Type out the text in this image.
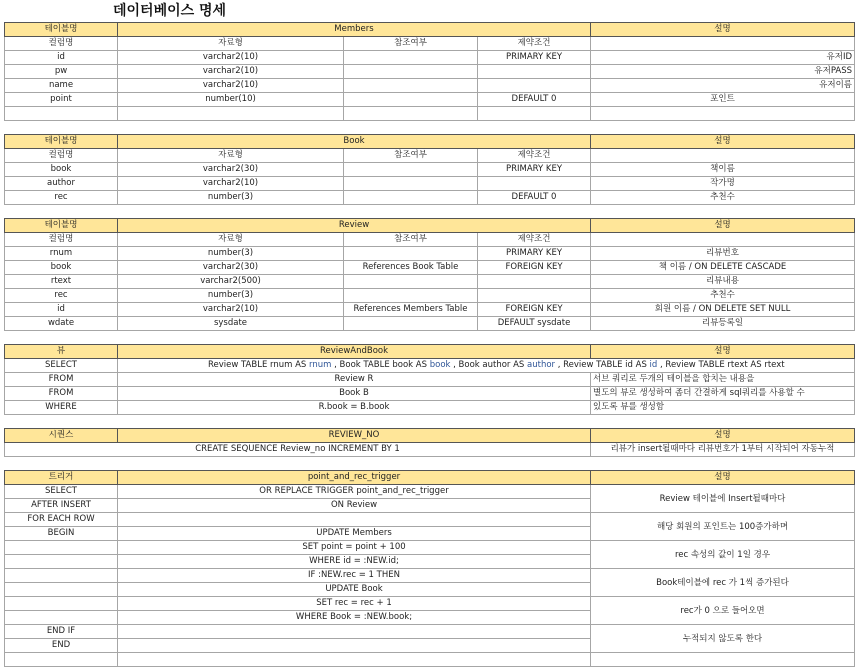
데이터베이스 명세
테이블명	Members			설명
컬럼명	자료형	참조여부	제약조건	
id	varchar2(10)		PRIMARY KEY	유저ID
pw	varchar2(10)			유저PASS
name	varchar2(10)			유저이름
point	number(10)		DEFAULT 0	포인트

테이블명	Book			설명
컬럼명	자료형	참조여부	제약조건	
book	varchar2(30)		PRIMARY KEY	책이름
author	varchar2(10)			작가명
rec	number(3)		DEFAULT 0	추천수
테이블명	Review			설명
컬럼명	자료형	참조여부	제약조건	
rnum	number(3)		PRIMARY KEY	리뷰번호
book	varchar2(30)	References Book Table	FOREIGN KEY	책 이름 / ON DELETE CASCADE
rtext	varchar2(500)			리뷰내용
rec	number(3)			추천수
id	varchar2(10)	References Members Table	FOREIGN KEY	회원 이름 / ON DELETE SET NULL
wdate	sysdate		DEFAULT sysdate	리뷰등록일
뷰	ReviewAndBook	설명
SELECT	Review TABLE rnum AS rnum , Book TABLE book AS book , Book author AS author , Review TABLE id AS id , Review TABLE rtext AS rtext	
FROM	Review R	서브 쿼리로 두개의 테이블을 합치는 내용을
FROM	Book B	별도의 뷰로 생성하여 좀더 간결하게 sql쿼리를 사용할 수
WHERE	R.book = B.book	있도록 뷰를 생성함
시퀀스	REVIEW_NO	설명
CREATE SEQUENCE Review_no INCREMENT BY 1		리뷰가 insert될때마다 리뷰번호가 1부터 시작되어 자동누적
트리거	point_and_rec_trigger	설명
SELECT	OR REPLACE TRIGGER point_and_rec_trigger	Review 테이블에 Insert될때마다
AFTER INSERT	ON Review	
FOR EACH ROW		해당 회원의 포인트는 100증가하며
BEGIN	UPDATE Members	
	SET point = point + 100	rec 속성의 값이 1일 경우
	WHERE id = :NEW.id;	
	IF :NEW.rec = 1 THEN	Book테이블에 rec 가 1씩 증가된다
	UPDATE Book	
	SET rec = rec + 1	rec가 0 으로 들어오면
	WHERE Book = :NEW.book;	
END IF		누적되지 않도록 한다
END		
